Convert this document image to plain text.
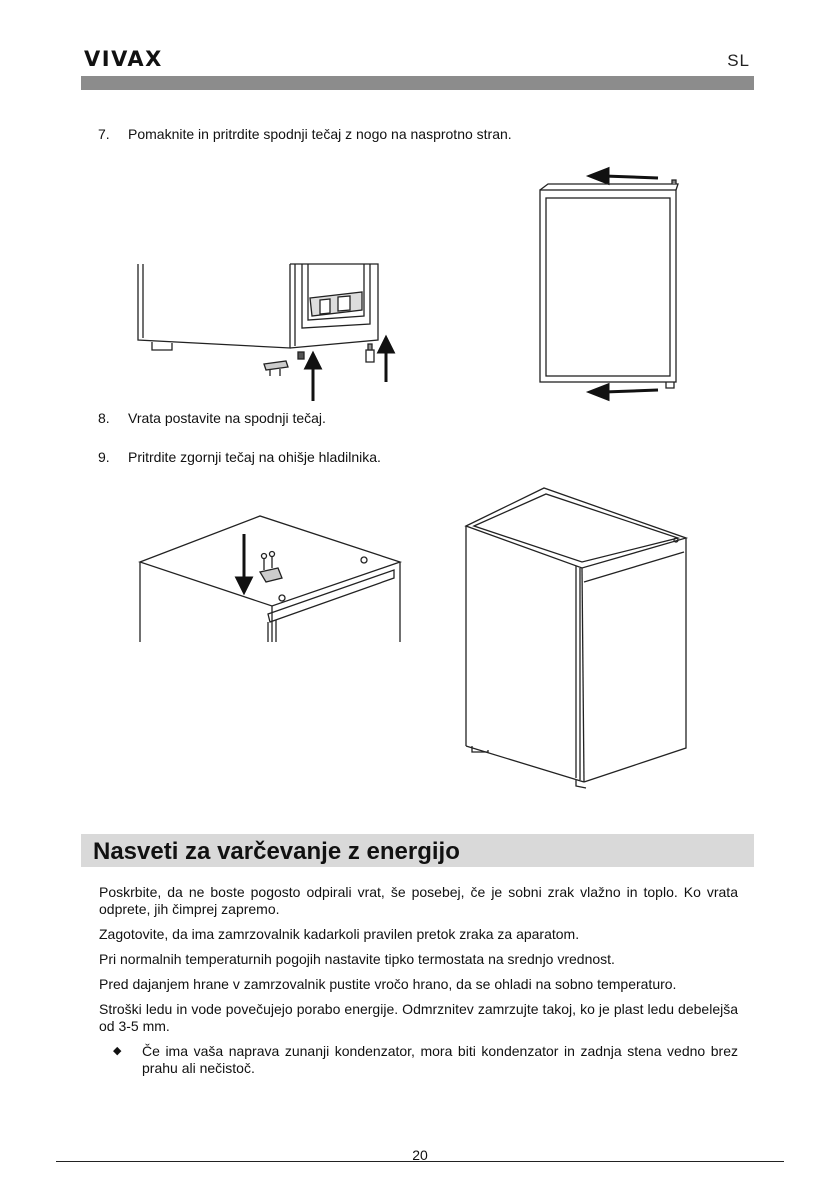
VIVAX	SL
7. Pomaknite in pritrdite spodnji tečaj z nogo na nasprotno stran.
8. Vrata postavite na spodnji tečaj.
9. Pritrdite zgornji tečaj na ohišje hladilnika.
Nasveti za varčevanje z energijo

Poskrbite, da ne boste pogosto odpirali vrat, še posebej, če je sobni zrak vlažno in toplo. Ko vrata odprete, jih čimprej zapremo.

Zagotovite, da ima zamrzovalnik kadarkoli pravilen pretok zraka za aparatom.

Pri normalnih temperaturnih pogojih nastavite tipko termostata na srednjo vrednost.

Pred dajanjem hrane v zamrzovalnik pustite vročo hrano, da se ohladi na sobno temperaturo.

Stroški ledu in vode povečujejo porabo energije. Odmrznitev zamrzujte takoj, ko je plast ledu debelejša od 3-5 mm.

◆	Če ima vaša naprava zunanji kondenzator, mora biti kondenzator in zadnja stena vedno brez prahu ali nečistoč.
20
